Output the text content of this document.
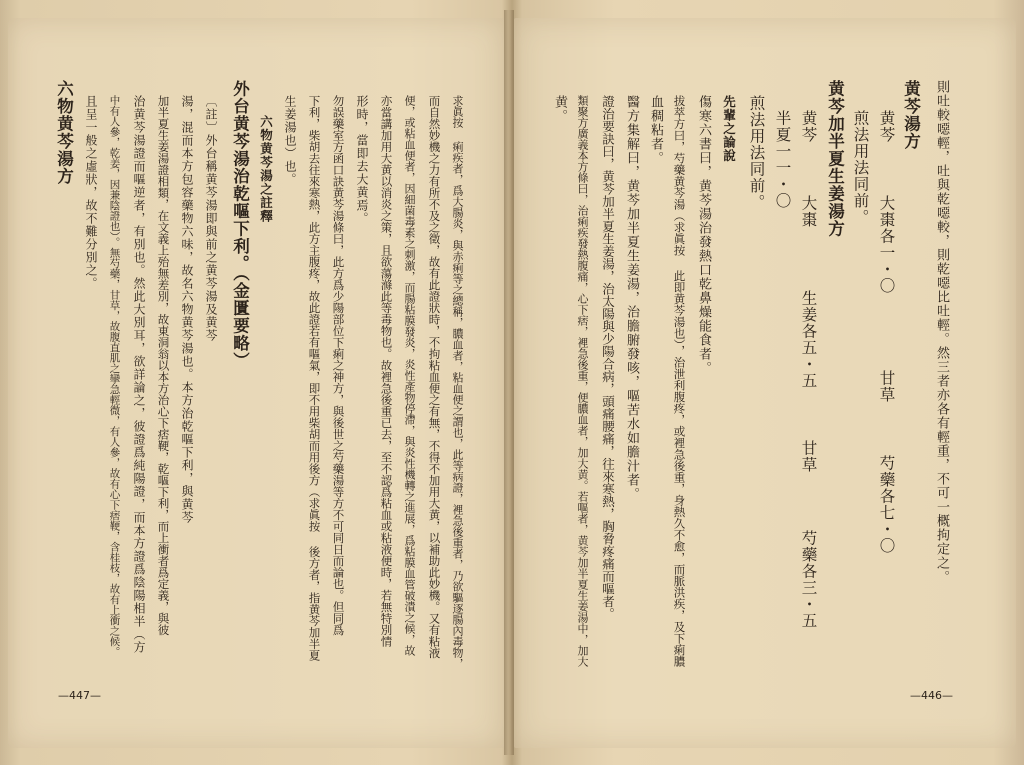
則吐較噁輕，吐與乾噁較，則乾噁比吐輕。然三者亦各有輕重，不可一概拘定之。
黄芩湯方
黄芩
大棗各一・〇
甘草
芍藥各七・〇
煎法用法同前。
黄芩加半夏生姜湯方
黄芩
大棗
生姜各五・五
甘草
芍藥各三・五
半夏一一・〇
煎法用法同前。
先輩之論說
傷寒六書曰，黄芩湯治發熱口乾鼻燥能食者。
拔萃方曰，芍藥黄芩湯（求眞按 此即黄芩湯也），治泄利腹疼，或裡急後重，身熱久不愈，而脈洪疾，及下痢膿
血稠粘者。
醫方集解曰，黄芩加半夏生姜湯，治膽腑發咳，嘔苦水如膽汁者。
證治要訣曰，黄芩加半夏生姜湯，治太陽與少陽合病，頭痛腰痛，往來寒熱，胸脅疼痛而嘔者。
類聚方廣義本方條曰，治痢疾發熱腹痛，心下痞，裡急後重，便膿血者，加大黄。若嘔者，黄芩加半夏生姜湯中，加大
黄。
—446—
求眞按 痢疾者，爲大腸炎，與赤痢等之總稱，膿血者，粘血便之謂也，此等病證，裡急後重者，乃欲驅逐腸內毒物，
而自然妙機之力有所不及之徵，故有此證狀時，不拘粘血便之有無，不得不加用大黄，以補助此妙機。又有粘液
便，或粘血便者，因細菌毒素之刺激，而腸粘膜發炎，炎性產物停滯，與炎性機轉之進展，爲粘膜血管破潰之候，故
亦當講加用大黄以消炎之策，且欲蕩滌此等毒物也。故裡急後重已去，至不認爲粘血或粘液便時，若無特別情
形時，當即去大黄焉。
勿誤藥室方函口訣黄芩湯條曰，此方爲少陽部位下痢之神方，與後世之芍藥湯等方不可同日而論也。但同爲
下利，柴胡去往來寒熱，此方主腹疼，故此證若有嘔氣，即不用柴胡而用後方（求眞按 後方者，指黄芩加半夏
生姜湯也）也。
六物黄芩湯之註釋
外台黄芩湯治乾嘔下利。（金匱要略）
〔註〕外台稱黄芩湯即與前之黄芩湯及黄芩
湯，混而本方包容藥物六味，故名六物黄芩湯也。本方治乾嘔下利，與黄芩
加半夏生姜湯證相類，在文義上殆無差別，故東洞翁以本方治心下痞鞕，乾嘔下利，而上衝者爲定義，與彼
治黄芩湯證而嘔逆者，有別也。然此大別耳，欲詳論之，彼證爲純陽證，而本方證爲陰陽相半（方
中有人參，乾姜，因兼陰證也）。無芍藥，甘草，故腹直肌之攣急輕微，有人參，故有心下痞鞕，含桂枝，故有上衝之候。
且呈一般之虛狀，故不難分別之。
六物黄芩湯方
—447—
